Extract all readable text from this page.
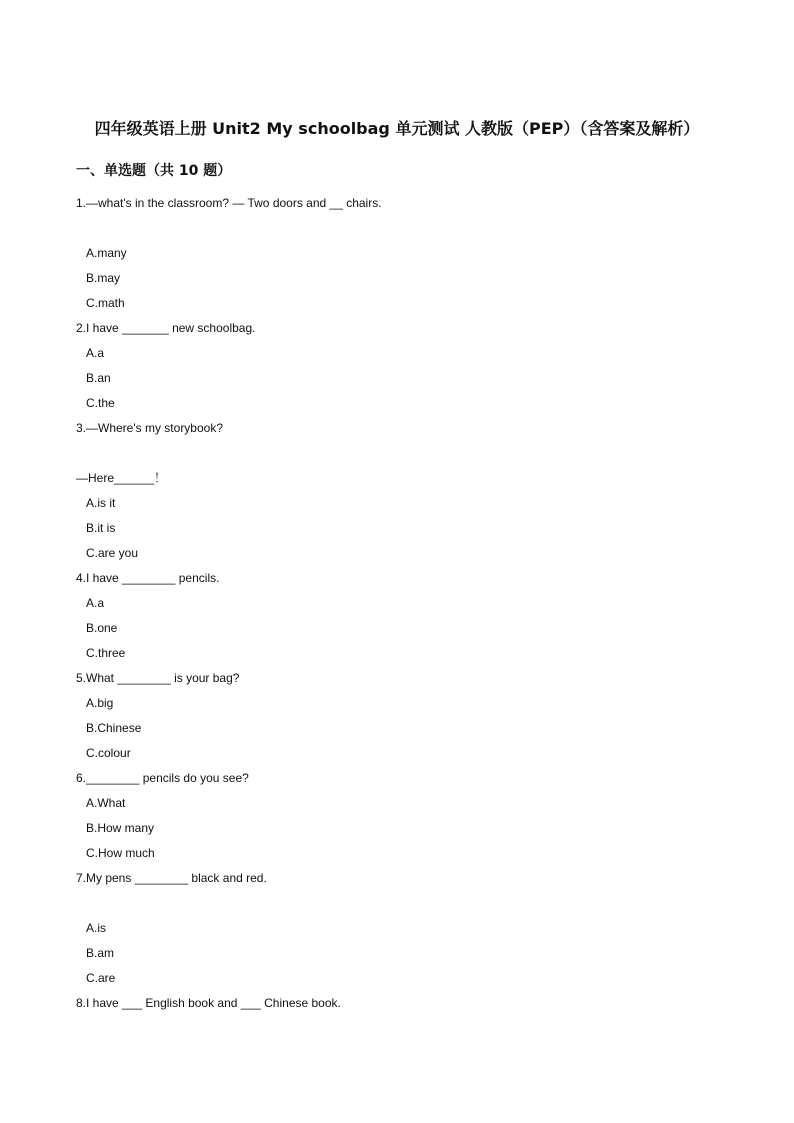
四年级英语上册 Unit2 My schoolbag 单元测试 人教版（PEP）（含答案及解析）
一、单选题（共 10 题）
1.—what's in the classroom? — Two doors and __ chairs.
A.many
B.may
C.math
2.I have _______ new schoolbag.
A.a
B.an
C.the
3.—Where's my storybook?
—Here______！
A.is it
B.it is
C.are you
4.I have ________ pencils.
A.a
B.one
C.three
5.What ________ is your bag?
A.big
B.Chinese
C.colour
6.________ pencils do you see?
A.What
B.How many
C.How much
7.My pens ________ black and red.
A.is
B.am
C.are
8.I have ___ English book and ___ Chinese book.
